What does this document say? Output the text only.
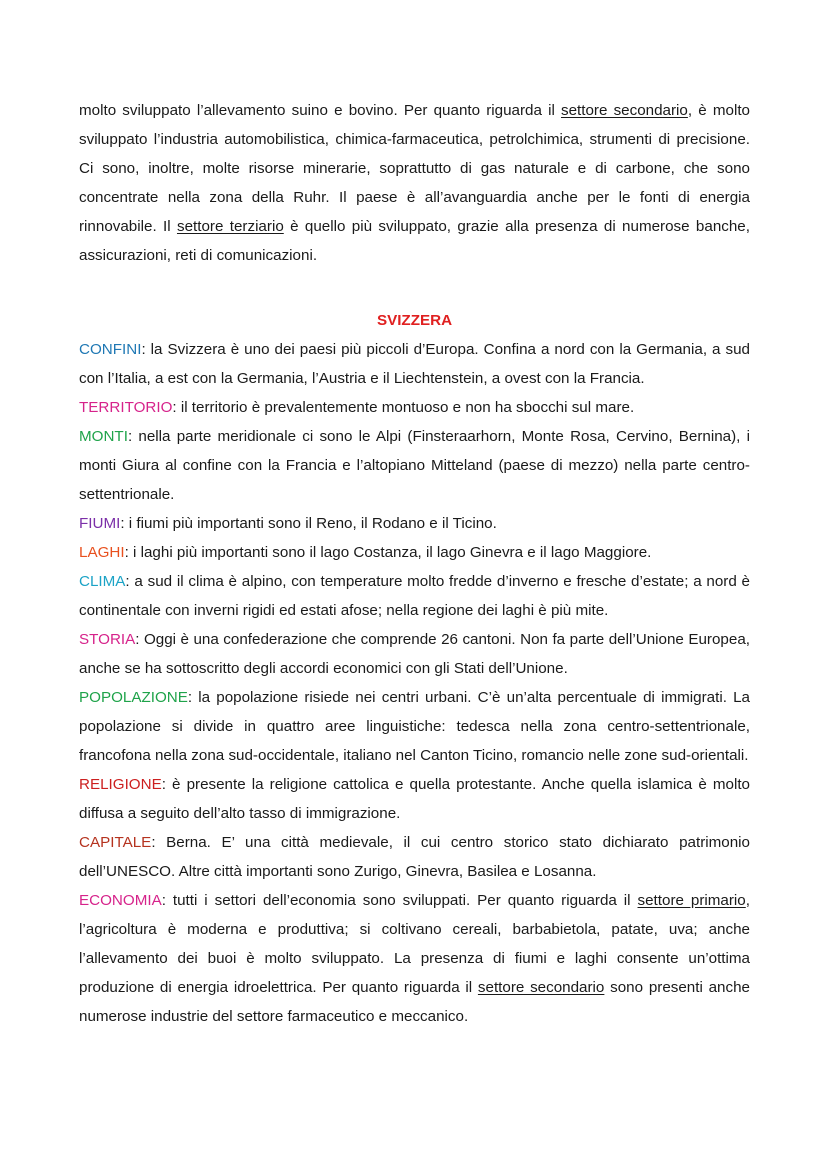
molto sviluppato l’allevamento suino e bovino. Per quanto riguarda il settore secondario, è molto sviluppato l’industria automobilistica, chimica-farmaceutica, petrolchimica, strumenti di precisione. Ci sono, inoltre, molte risorse minerarie, soprattutto di gas naturale e di carbone, che sono concentrate nella zona della Ruhr. Il paese è all’avanguardia anche per le fonti di energia rinnovabile. Il settore terziario è quello più sviluppato, grazie alla presenza di numerose banche, assicurazioni, reti di comunicazioni.

SVIZZERA

CONFINI: la Svizzera è uno dei paesi più piccoli d’Europa. Confina a nord con la Germania, a sud con l’Italia, a est con la Germania, l’Austria e il Liechtenstein, a ovest con la Francia.

TERRITORIO: il territorio è prevalentemente montuoso e non ha sbocchi sul mare.

MONTI: nella parte meridionale ci sono le Alpi (Finsteraarhorn, Monte Rosa, Cervino, Bernina), i monti Giura al confine con la Francia e l’altopiano Mitteland (paese di mezzo) nella parte centro-settentrionale.

FIUMI: i fiumi più importanti sono il Reno, il Rodano e il Ticino.

LAGHI: i laghi più importanti sono il lago Costanza, il lago Ginevra e il lago Maggiore.

CLIMA: a sud il clima è alpino, con temperature molto fredde d’inverno e fresche d’estate; a nord è continentale con inverni rigidi ed estati afose; nella regione dei laghi è più mite.

STORIA: Oggi è una confederazione che comprende 26 cantoni. Non fa parte dell’Unione Europea, anche se ha sottoscritto degli accordi economici con gli Stati dell’Unione.

POPOLAZIONE: la popolazione risiede nei centri urbani. C’è un’alta percentuale di immigrati. La popolazione si divide in quattro aree linguistiche: tedesca nella zona centro-settentrionale, francofona nella zona sud-occidentale, italiano nel Canton Ticino, romancio nelle zone sud-orientali.

RELIGIONE: è presente la religione cattolica e quella protestante. Anche quella islamica è molto diffusa a seguito dell’alto tasso di immigrazione.

CAPITALE: Berna. E’ una città medievale, il cui centro storico stato dichiarato patrimonio dell’UNESCO. Altre città importanti sono Zurigo, Ginevra, Basilea e Losanna.

ECONOMIA: tutti i settori dell’economia sono sviluppati. Per quanto riguarda il settore primario, l’agricoltura è moderna e produttiva; si coltivano cereali, barbabietola, patate, uva; anche l’allevamento dei buoi è molto sviluppato. La presenza di fiumi e laghi consente un’ottima produzione di energia idroelettrica. Per quanto riguarda il settore secondario sono presenti anche numerose industrie del settore farmaceutico e meccanico.
